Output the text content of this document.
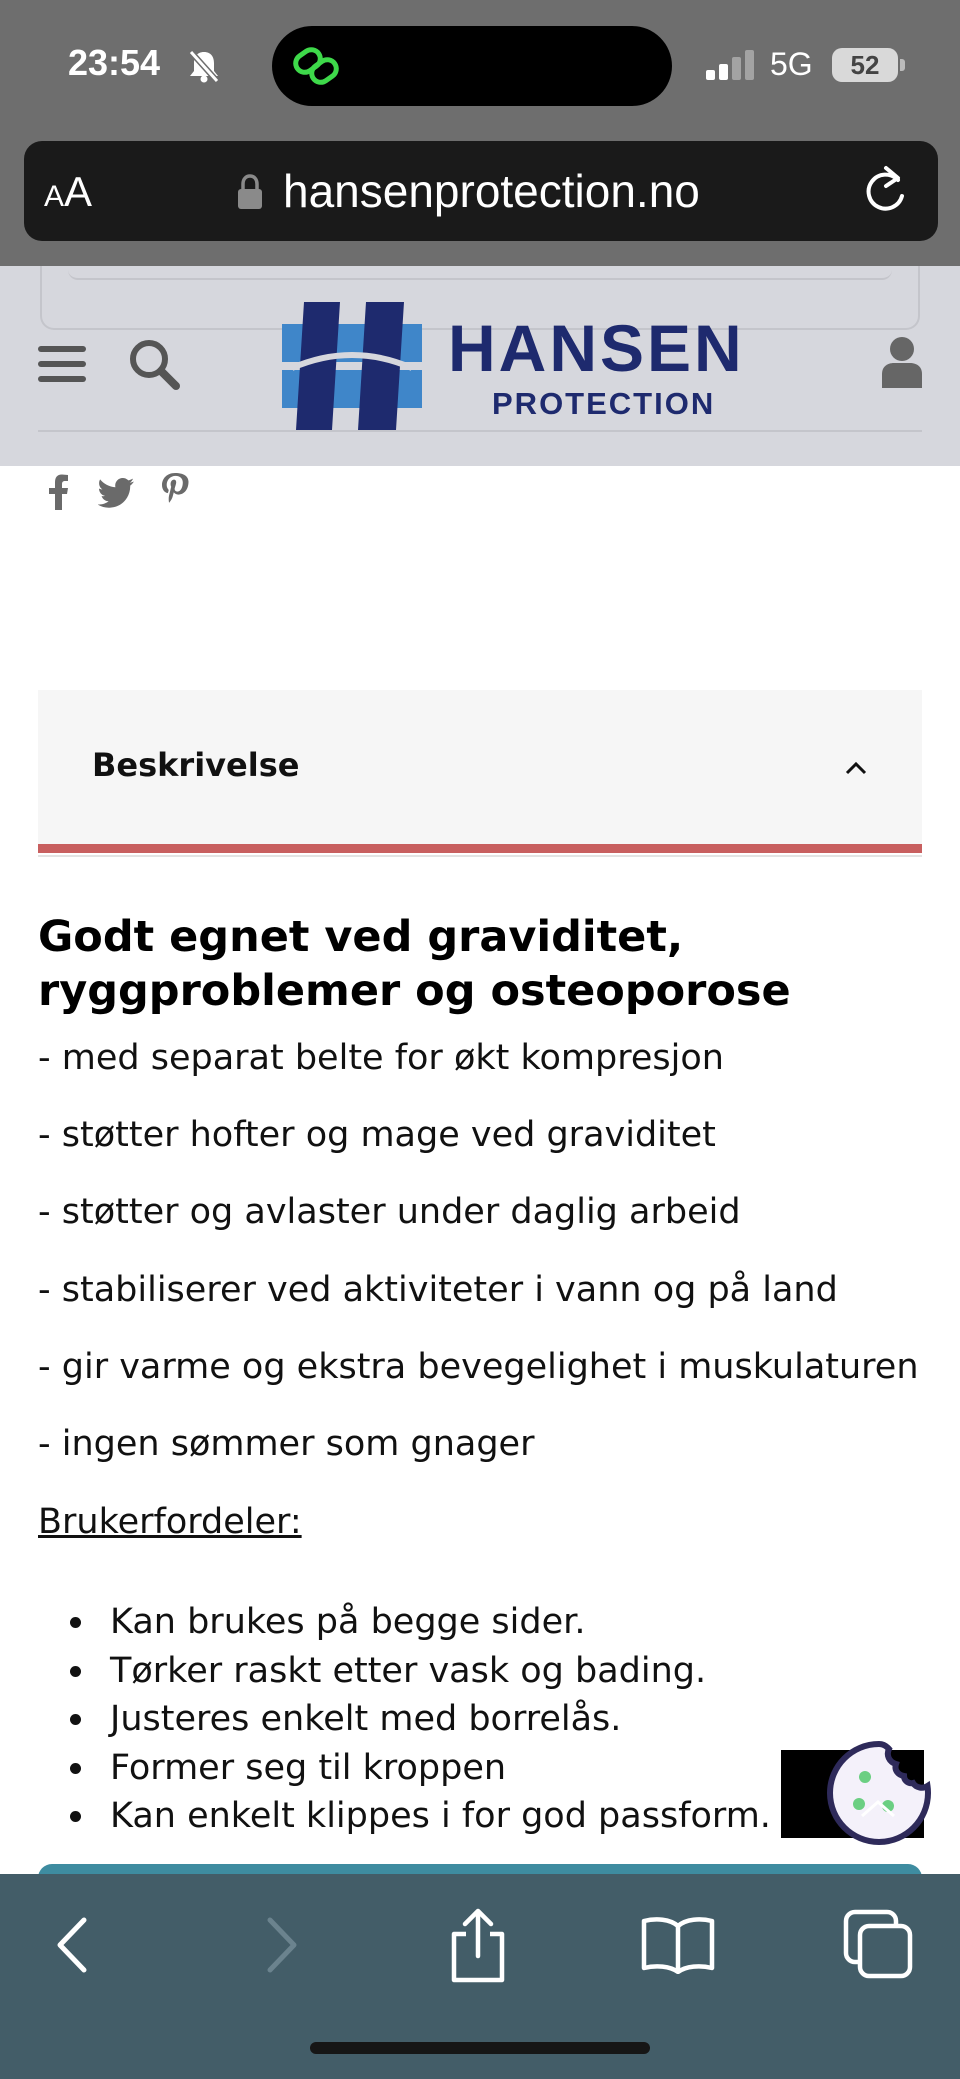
23:54	5G	52
AA	hansenprotection.no
HANSEN
PROTECTION
Beskrivelse
Godt egnet ved graviditet, ryggproblemer og osteoporose
- med separat belte for økt kompresjon
- støtter hofter og mage ved graviditet
- støtter og avlaster under daglig arbeid
- stabiliserer ved aktiviteter i vann og på land
- gir varme og ekstra bevegelighet i muskulaturen
- ingen sømmer som gnager
Brukerfordeler:
Kan brukes på begge sider.
Tørker raskt etter vask og bading.
Justeres enkelt med borrelås.
Former seg til kroppen
Kan enkelt klippes i for god passform.
